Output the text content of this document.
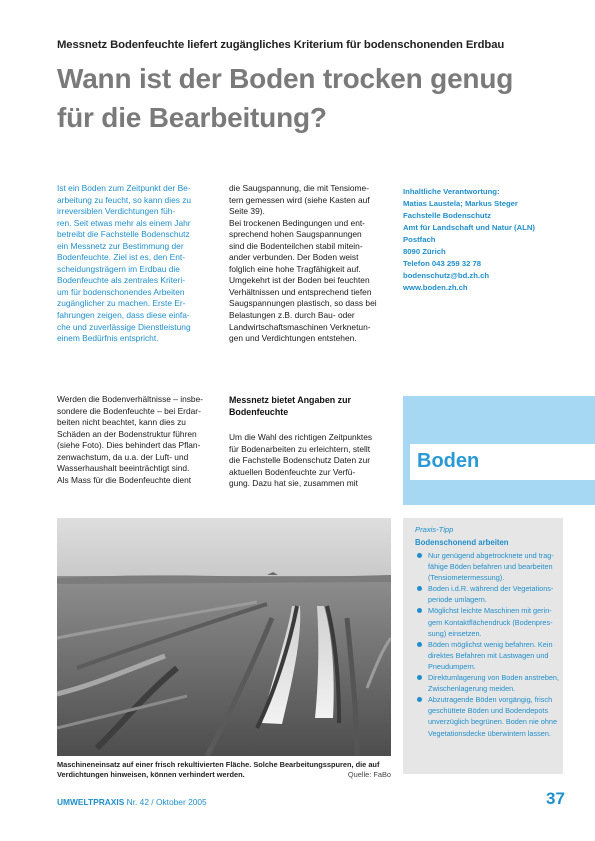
Messnetz Bodenfeuchte liefert zugängliches Kriterium für bodenschonenden Erdbau
Wann ist der Boden trocken genug
für die Bearbeitung?
Ist ein Boden zum Zeitpunkt der Be-
arbeitung zu feucht, so kann dies zu
irreversiblen Verdichtungen füh-
ren. Seit etwas mehr als einem Jahr
betreibt die Fachstelle Bodenschutz
ein Messnetz zur Bestimmung der
Bodenfeuchte. Ziel ist es, den Ent-
scheidungsträgern im Erdbau die
Bodenfeuchte als zentrales Kriteri-
um für bodenschonendes Arbeiten
zugänglicher zu machen. Erste Er-
fahrungen zeigen, dass diese einfa-
che und zuverlässige Dienstleistung
einem Bedürfnis entspricht.
Werden die Bodenverhältnisse – insbe-
sondere die Bodenfeuchte – bei Erdar-
beiten nicht beachtet, kann dies zu
Schäden an der Bodenstruktur führen
(siehe Foto). Dies behindert das Pflan-
zenwachstum, da u.a. der Luft- und
Wasserhaushalt beeinträchtigt sind.
Als Mass für die Bodenfeuchte dient
die Saugspannung, die mit Tensiome-
tern gemessen wird (siehe Kasten auf
Seite 39).
Bei trockenen Bedingungen und ent-
sprechend hohen Saugspannungen
sind die Bodenteilchen stabil mitein-
ander verbunden. Der Boden weist
folglich eine hohe Tragfähigkeit auf.
Umgekehrt ist der Boden bei feuchten
Verhältnissen und entsprechend tiefen
Saugspannungen plastisch, so dass bei
Belastungen z.B. durch Bau- oder
Landwirtschaftsmaschinen Verknetun-
gen und Verdichtungen entstehen.
Messnetz bietet Angaben zur
Bodenfeuchte
Um die Wahl des richtigen Zeitpunktes
für Bodenarbeiten zu erleichtern, stellt
die Fachstelle Bodenschutz Daten zur
aktuellen Bodenfeuchte zur Verfü-
gung. Dazu hat sie, zusammen mit
Inhaltliche Verantwortung:
Matias Laustela; Markus Steger
Fachstelle Bodenschutz
Amt für Landschaft und Natur (ALN)
Postfach
8090 Zürich
Telefon 043 259 32 78
bodenschutz@bd.zh.ch
www.boden.zh.ch
Boden
Maschineneinsatz auf einer frisch rekultivierten Fläche. Solche Bearbeitungsspuren, die auf
Verdichtungen hinweisen, können verhindert werden.	Quelle: FaBo
Praxis-Tipp
Bodenschonend arbeiten
Nur genügend abgetrocknete und trag-
fähige Böden befahren und bearbeiten
(Tensiometermessung).
Boden i.d.R. während der Vegetations-
periode umlagern.
Möglichst leichte Maschinen mit gerin-
gem Kontaktflächendruck (Bodenpres-
sung) einsetzen.
Böden möglichst wenig befahren. Kein
direktes Befahren mit Lastwagen und
Pneudumpern.
Direktumlagerung von Boden anstreben,
Zwischenlagerung meiden.
Abzutragende Böden vorgängig, frisch
geschüttete Böden und Bodendepots
unverzüglich begrünen. Boden nie ohne
Vegetationsdecke überwintern lassen.
UMWELTPRAXIS Nr. 42 / Oktober 2005	37
